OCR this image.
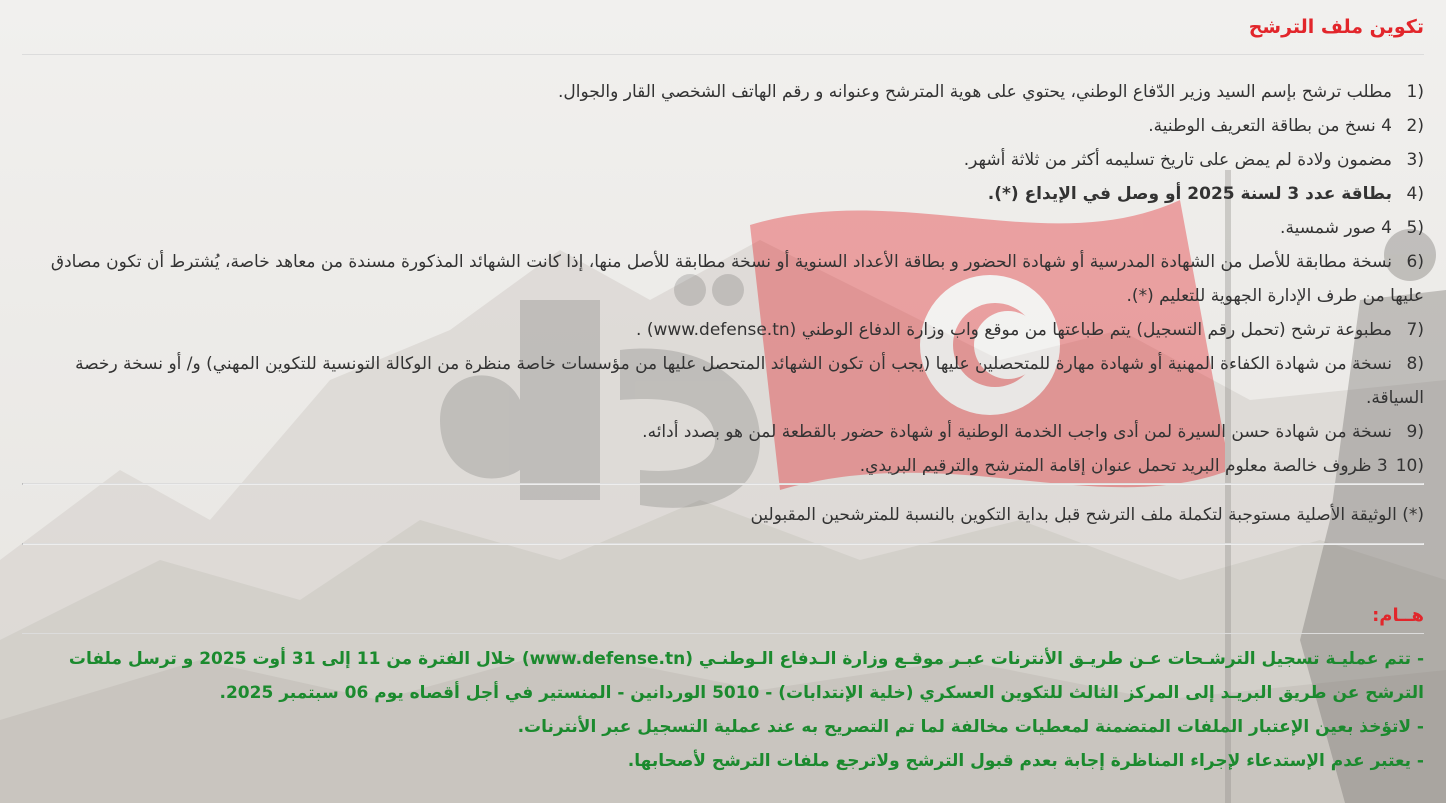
تكوين ملف الترشح
1)مطلب ترشح بإسم السيد وزير الدّفاع الوطني، يحتوي على هوية المترشح وعنوانه و رقم الهاتف الشخصي القار والجوال.
2)4 نسخ من بطاقة التعريف الوطنية.
3)مضمون ولادة لم يمض على تاريخ تسليمه أكثر من ثلاثة أشهر.
4)بطاقة عدد 3 لسنة 2025 أو وصل في الإيداع (*).
5)4 صور شمسية.
6)نسخة مطابقة للأصل من الشهادة المدرسية أو شهادة الحضور و بطاقة الأعداد السنوية أو نسخة مطابقة للأصل منها، إذا كانت الشهائد المذكورة مسندة من معاهد خاصة، يُشترط أن تكون مصادق عليها من طرف الإدارة الجهوية للتعليم (*).
7)مطبوعة ترشح (تحمل رقم التسجيل) يتم طباعتها من موقع واب وزارة الدفاع الوطني (www.defense.tn) .
8)نسخة من شهادة الكفاءة المهنية أو شهادة مهارة للمتحصلين عليها (يجب أن تكون الشهائد المتحصل عليها من مؤسسات خاصة منظرة من الوكالة التونسية للتكوين المهني) و/ أو نسخة رخصة السياقة.
9)نسخة من شهادة حسن السيرة لمن أدى واجب الخدمة الوطنية أو شهادة حضور بالقطعة لمن هو بصدد أدائه.
10)3 ظروف خالصة معلوم البريد تحمل عنوان إقامة المترشح والترقيم البريدي.

(*) الوثيقة الأصلية مستوجبة لتكملة ملف الترشح قبل بداية التكوين بالنسبة للمترشحين المقبولين

هــام:

- تتم عمليـة تسجيل الترشـحات عـن طريـق الأنترنات عبـر موقـع وزارة الـدفاع الـوطنـي (www.defense.tn) خلال الفترة من 11 إلى 31 أوت 2025 و ترسل ملفات الترشح عن طريق البريـد إلى المركز الثالث للتكوين العسكري (خلية الإنتدابات) - 5010 الوردانين - المنستير في أجل أقصاه يوم 06 سبتمبر 2025.

- لاتؤخذ بعين الإعتبار الملفات المتضمنة لمعطيات مخالفة لما تم التصريح به عند عملية التسجيل عبر الأنترنات.

- يعتبر عدم الإستدعاء لإجراء المناظرة إجابة بعدم قبول الترشح ولاترجع ملفات الترشح لأصحابها.
